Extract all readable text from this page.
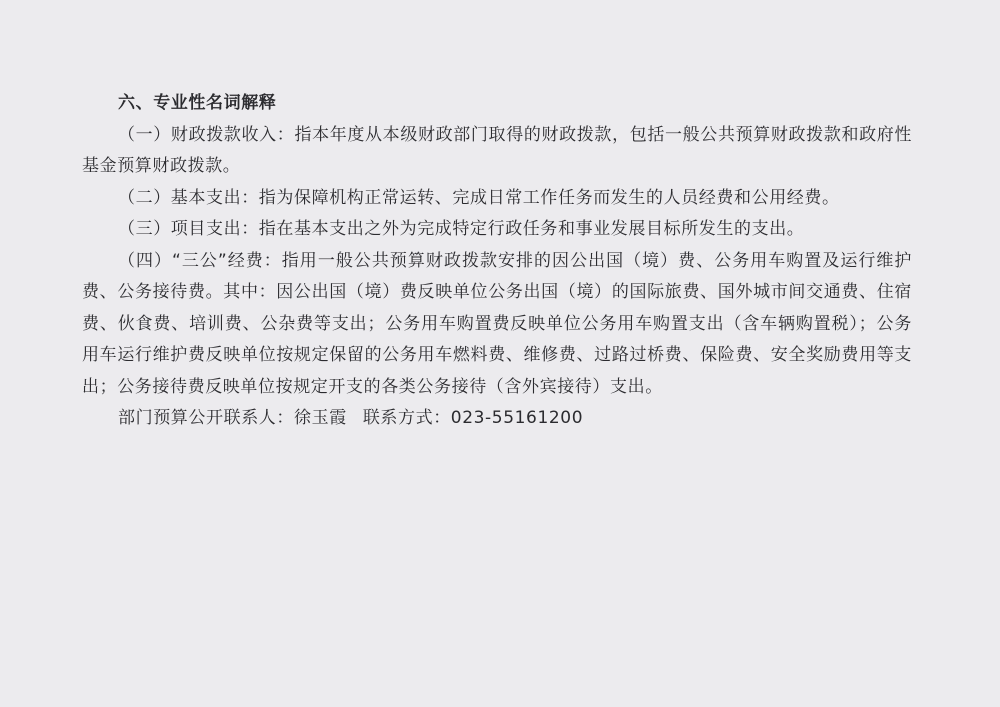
六、专业性名词解释

（一）财政拨款收入：指本年度从本级财政部门取得的财政拨款，包括一般公共预算财政拨款和政府性基金预算财政拨款。

（二）基本支出：指为保障机构正常运转、完成日常工作任务而发生的人员经费和公用经费。

（三）项目支出：指在基本支出之外为完成特定行政任务和事业发展目标所发生的支出。

（四）“三公”经费：指用一般公共预算财政拨款安排的因公出国（境）费、公务用车购置及运行维护费、公务接待费。其中：因公出国（境）费反映单位公务出国（境）的国际旅费、国外城市间交通费、住宿费、伙食费、培训费、公杂费等支出；公务用车购置费反映单位公务用车购置支出（含车辆购置税）；公务用车运行维护费反映单位按规定保留的公务用车燃料费、维修费、过路过桥费、保险费、安全奖励费用等支出；公务接待费反映单位按规定开支的各类公务接待（含外宾接待）支出。

部门预算公开联系人：徐玉霞 联系方式：023-55161200
